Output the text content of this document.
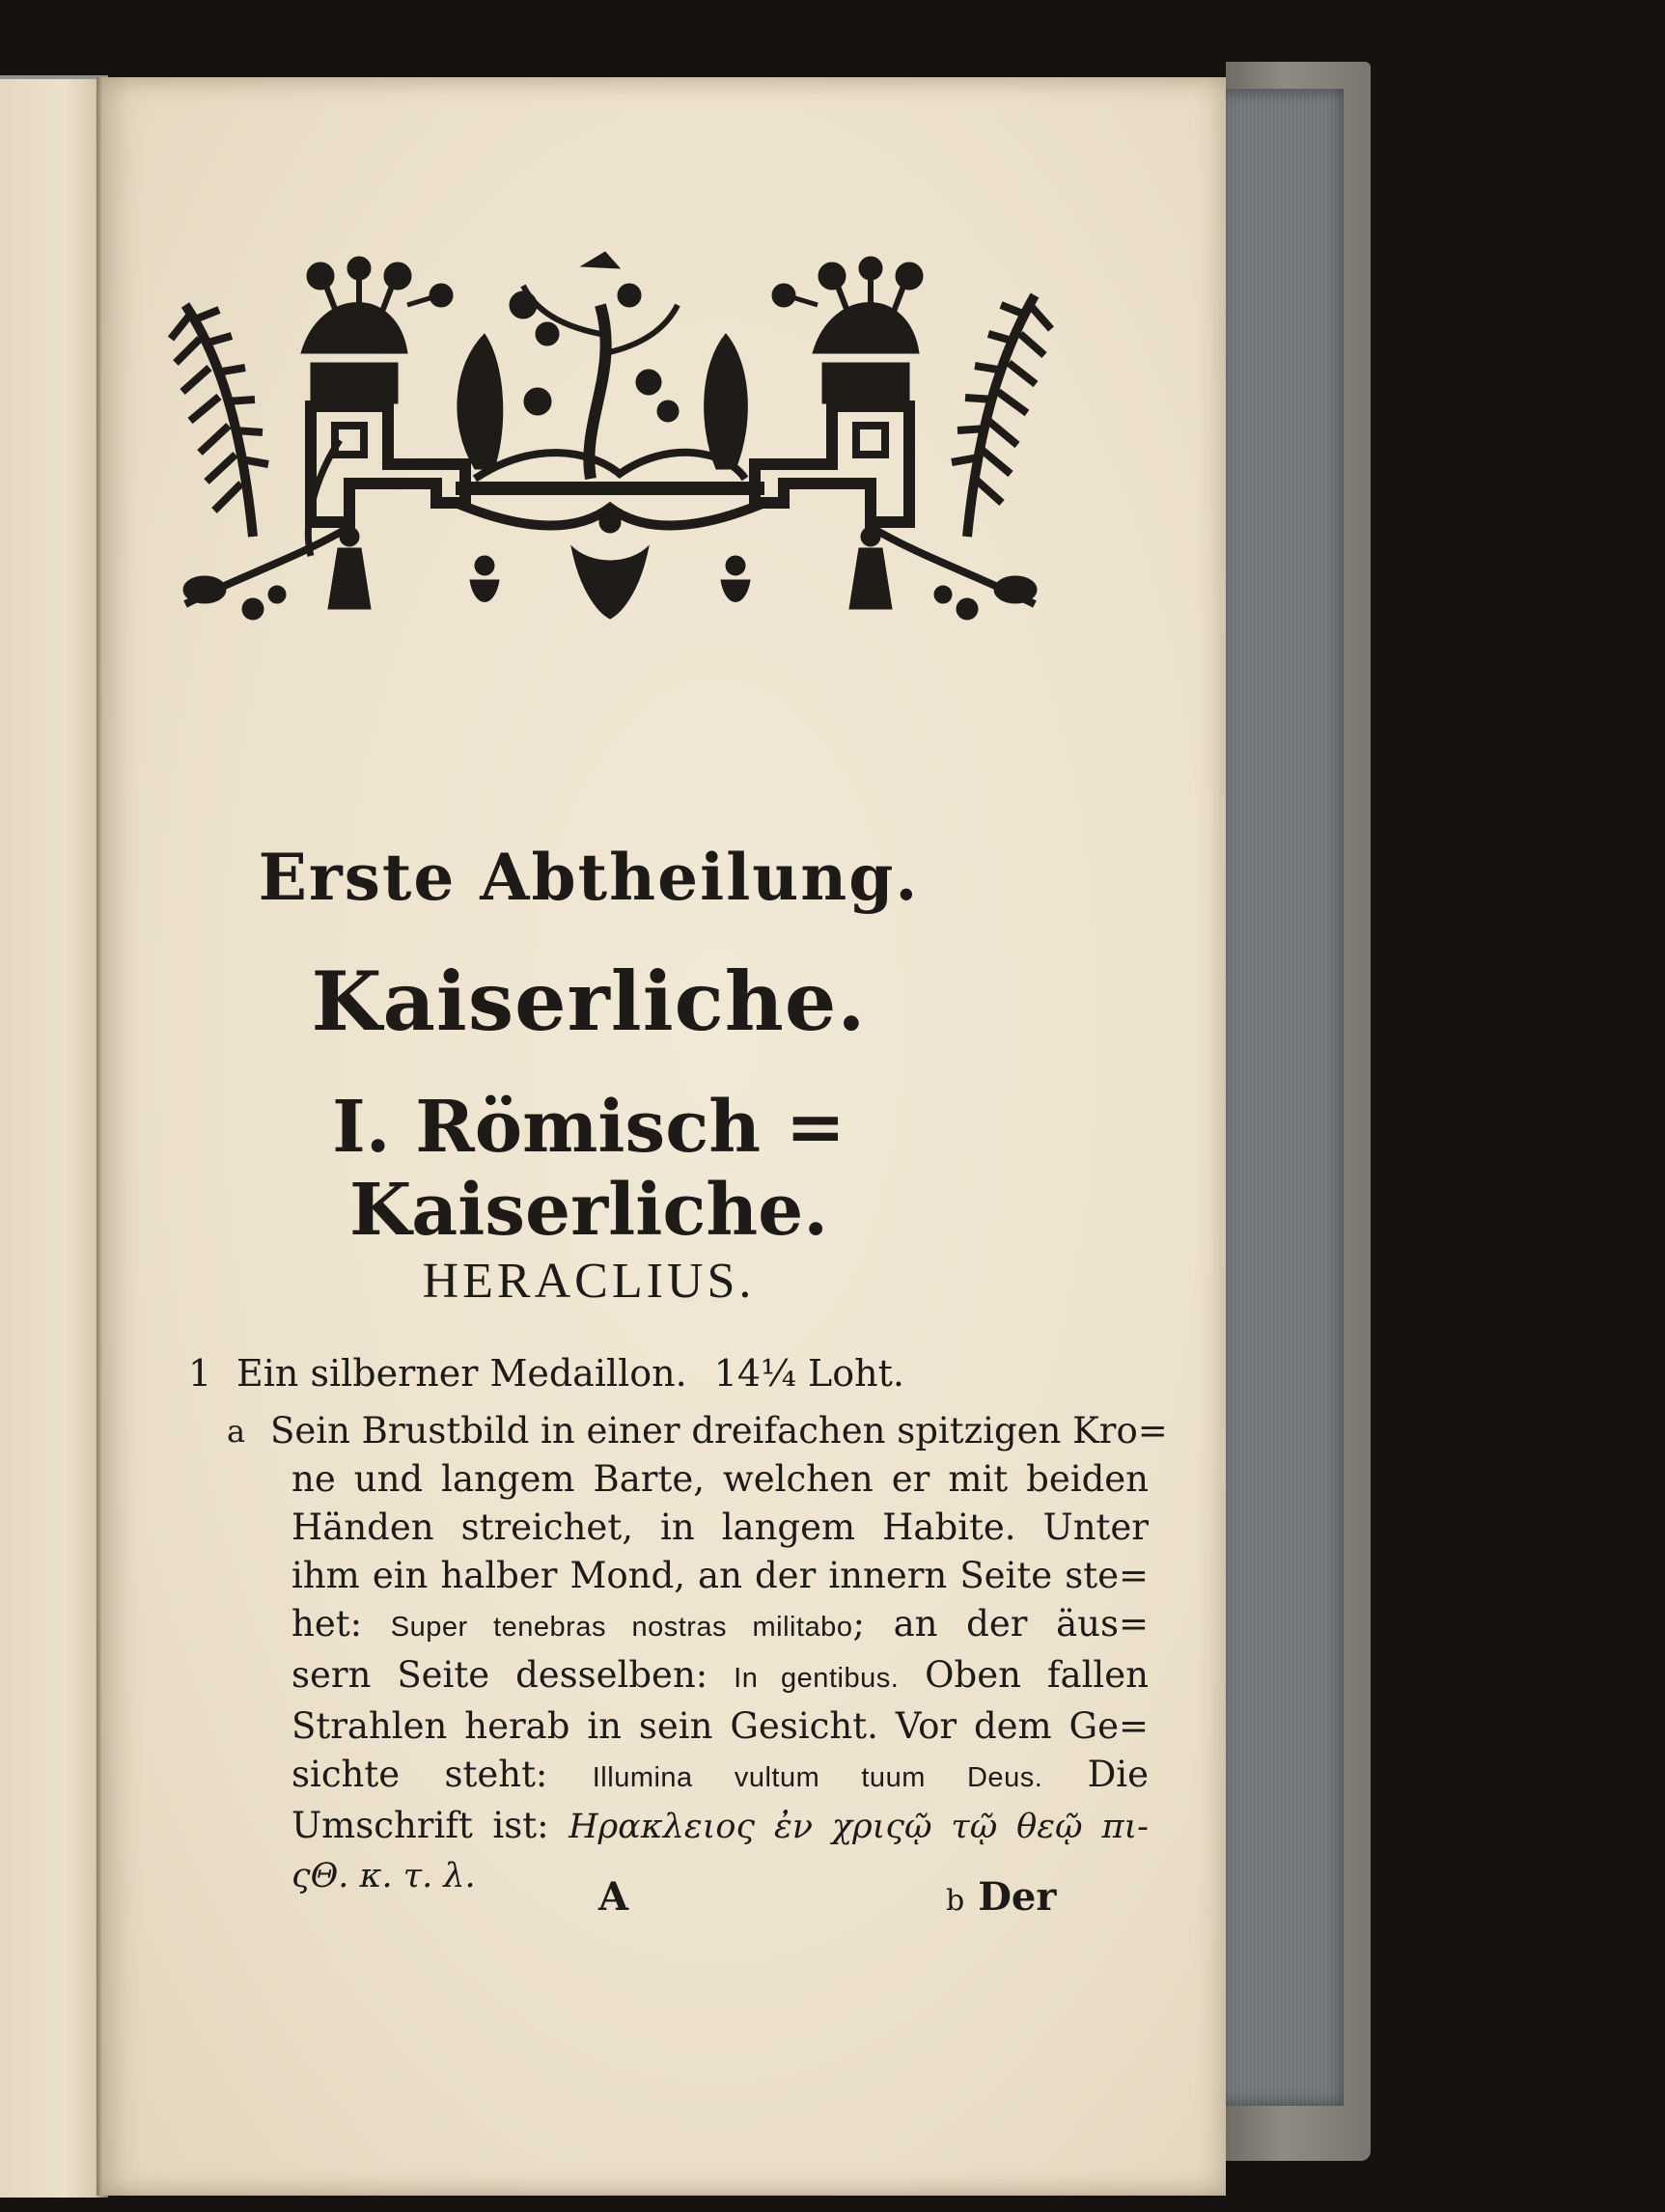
Erste Abtheilung.
Kaiserliche.
I. Römisch = Kaiserliche.
HERACLIUS.
1 Ein silberner Medaillon. 14¼ Loht.
a Sein Brustbild in einer dreifachen spitzigen Kro=
ne und langem Barte, welchen er mit beiden
Händen streichet, in langem Habite. Unter
ihm ein halber Mond, an der innern Seite ste=
het: Super tenebras nostras militabo; an der äus=
sern Seite desselben: In gentibus. Oben fallen
Strahlen herab in sein Gesicht. Vor dem Ge=
sichte steht: Illumina vultum tuum Deus. Die
Umschrift ist: Ηρακλειος ἐν χριςῷ τῷ θεῷ πι-
ςΘ. κ. τ. λ.	A	b Der
